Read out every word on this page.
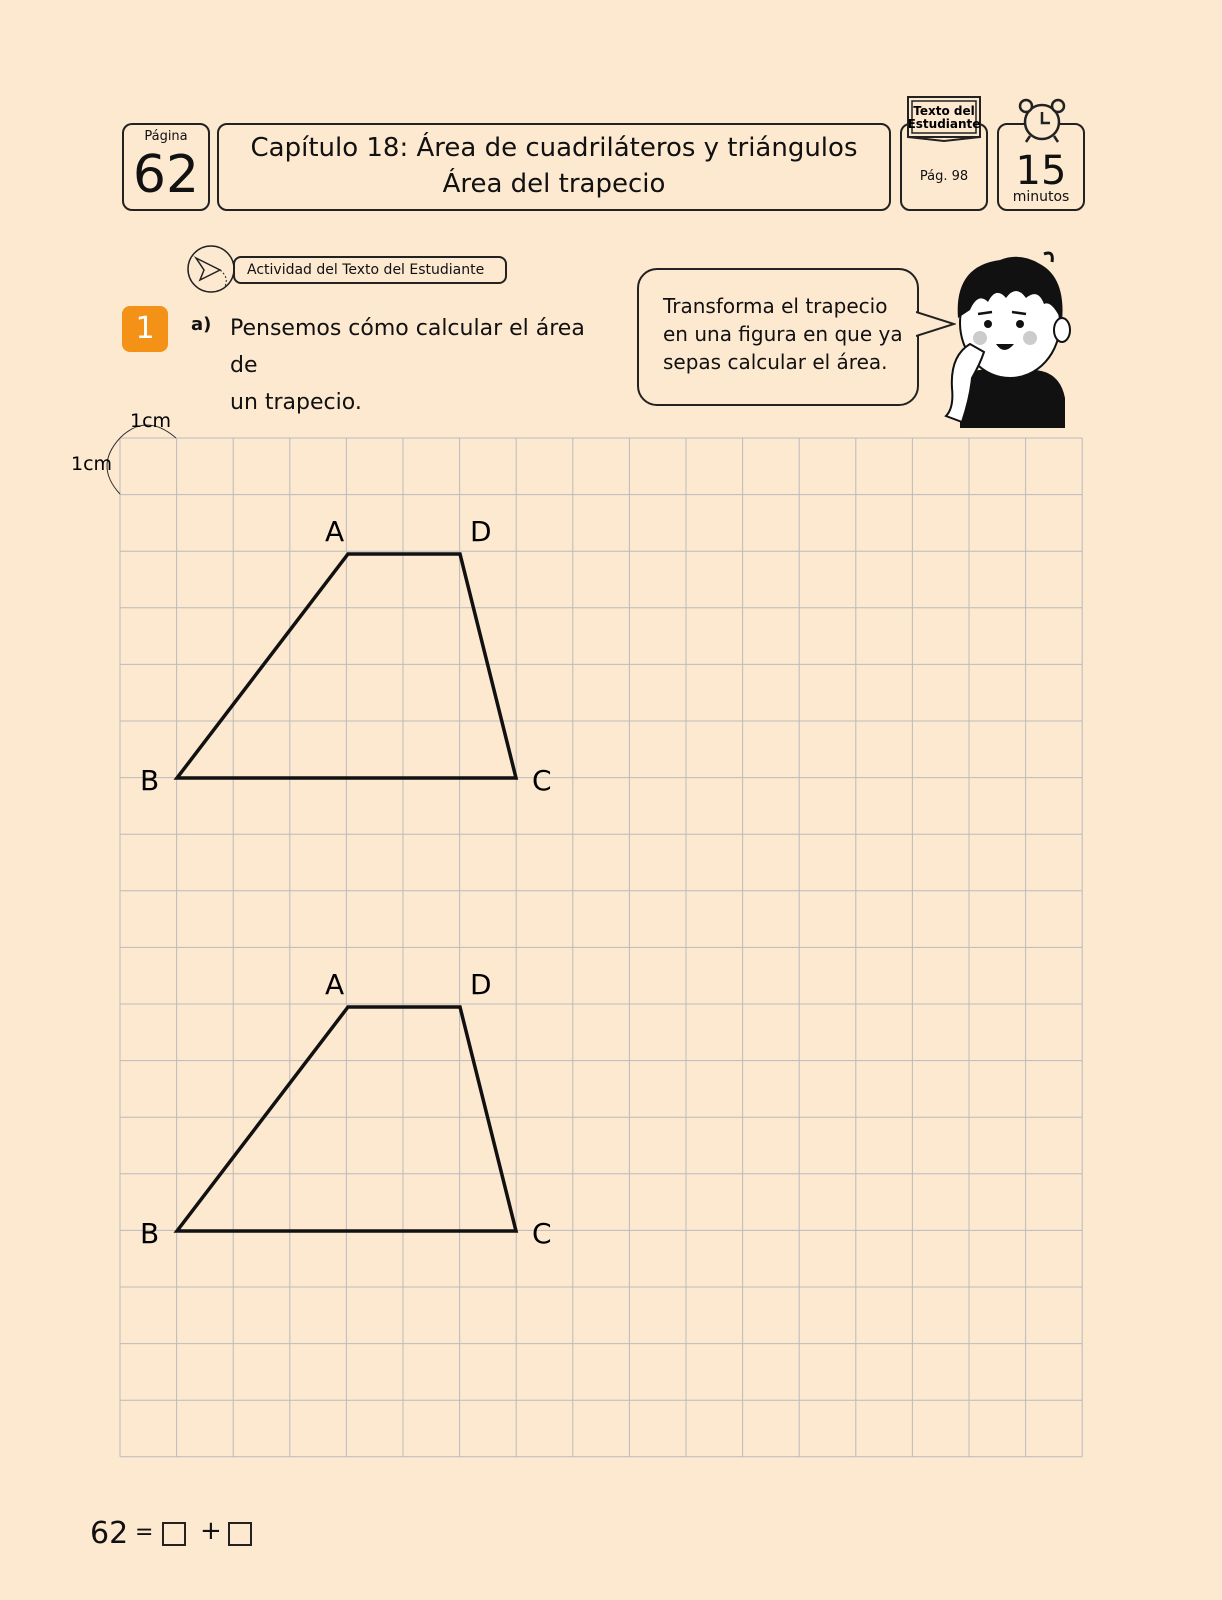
1cm
1cm
A	D
B	C
A	D
B	C
Página
62	Capítulo 18: Área de cuadriláteros y triángulos
Área del trapecio	Pág. 98
Texto del
Estudiante
15
minutos
Actividad del Texto del Estudiante
1	a) Pensemos cómo calcular el área de
un trapecio.
Transforma el trapecio
en una figura en que ya
sepas calcular el área.
62 = +
